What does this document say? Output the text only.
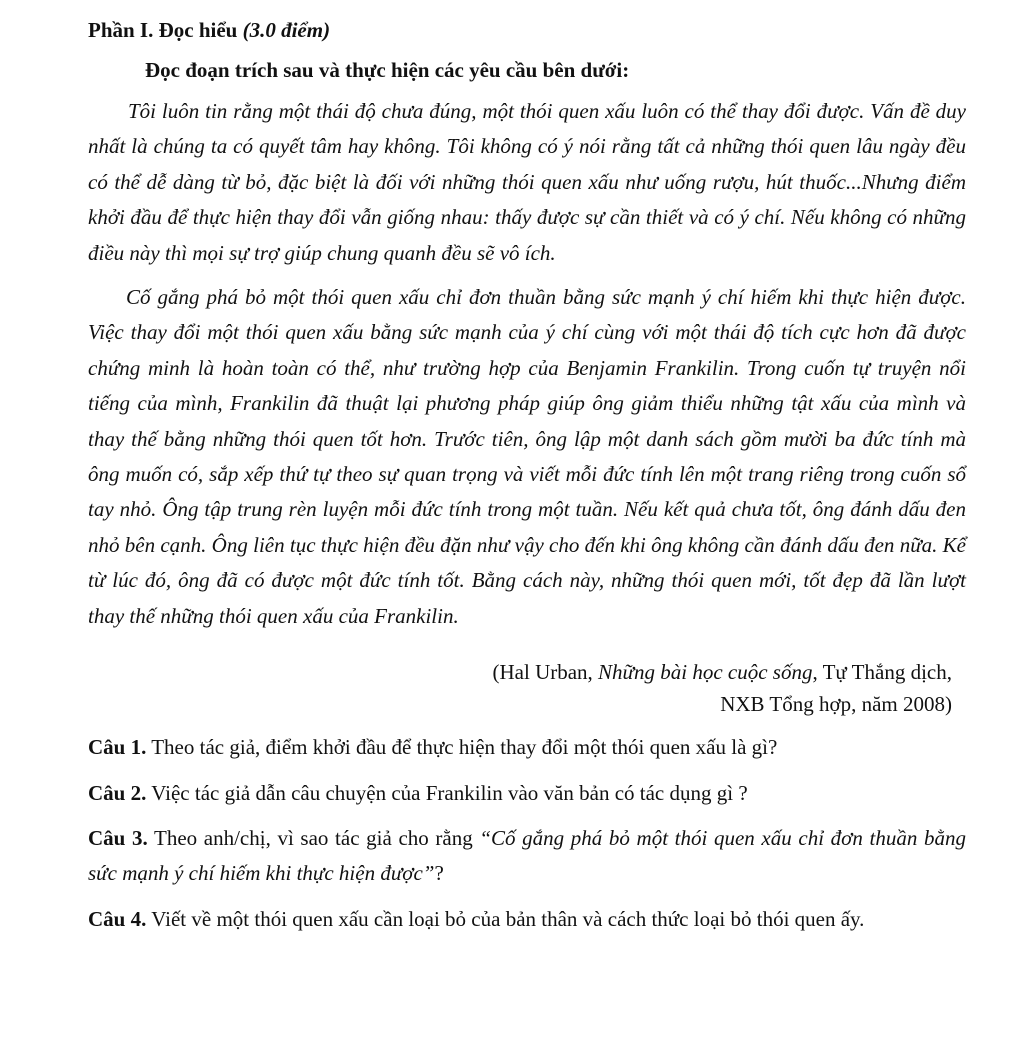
Phần I. Đọc hiểu (3.0 điểm)

Đọc đoạn trích sau và thực hiện các yêu cầu bên dưới:

Tôi luôn tin rằng một thái độ chưa đúng, một thói quen xấu luôn có thể thay đổi được. Vấn đề duy nhất là chúng ta có quyết tâm hay không. Tôi không có ý nói rằng tất cả những thói quen lâu ngày đều có thể dễ dàng từ bỏ, đặc biệt là đối với những thói quen xấu như uống rượu, hút thuốc...Nhưng điểm khởi đầu để thực hiện thay đổi vẫn giống nhau: thấy được sự cần thiết và có ý chí. Nếu không có những điều này thì mọi sự trợ giúp chung quanh đều sẽ vô ích.

Cố gắng phá bỏ một thói quen xấu chỉ đơn thuần bằng sức mạnh ý chí hiếm khi thực hiện được. Việc thay đổi một thói quen xấu bằng sức mạnh của ý chí cùng với một thái độ tích cực hơn đã được chứng minh là hoàn toàn có thể, như trường hợp của Benjamin Frankilin. Trong cuốn tự truyện nổi tiếng của mình, Frankilin đã thuật lại phương pháp giúp ông giảm thiểu những tật xấu của mình và thay thế bằng những thói quen tốt hơn. Trước tiên, ông lập một danh sách gồm mười ba đức tính mà ông muốn có, sắp xếp thứ tự theo sự quan trọng và viết mỗi đức tính lên một trang riêng trong cuốn sổ tay nhỏ. Ông tập trung rèn luyện mỗi đức tính trong một tuần. Nếu kết quả chưa tốt, ông đánh dấu đen nhỏ bên cạnh. Ông liên tục thực hiện đều đặn như vậy cho đến khi ông không cần đánh dấu đen nữa. Kể từ lúc đó, ông đã có được một đức tính tốt. Bằng cách này, những thói quen mới, tốt đẹp đã lần lượt thay thế những thói quen xấu của Frankilin.

(Hal Urban, Những bài học cuộc sống, Tự Thắng dịch,
NXB Tổng hợp, năm 2008)

Câu 1. Theo tác giả, điểm khởi đầu để thực hiện thay đổi một thói quen xấu là gì?

Câu 2. Việc tác giả dẫn câu chuyện của Frankilin vào văn bản có tác dụng gì ?

Câu 3. Theo anh/chị, vì sao tác giả cho rằng “Cố gắng phá bỏ một thói quen xấu chỉ đơn thuần bằng sức mạnh ý chí hiếm khi thực hiện được”?

Câu 4. Viết về một thói quen xấu cần loại bỏ của bản thân và cách thức loại bỏ thói quen ấy.
